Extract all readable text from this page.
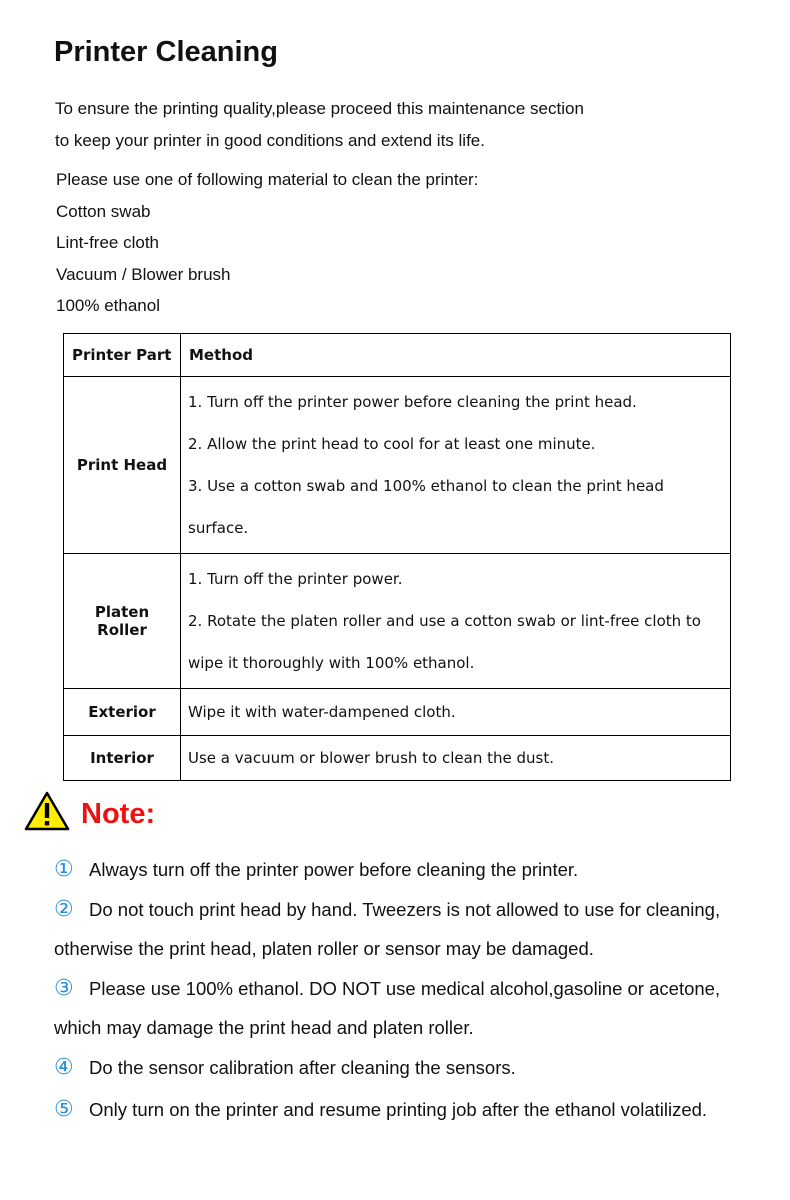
Printer Cleaning

To ensure the printing quality,please proceed this maintenance section

to keep your printer in good conditions and extend its life.

Please use one of following material to clean the printer:

Cotton swab

Lint-free cloth

Vacuum / Blower brush

100% ethanol

Printer Part	Method
Print Head	1. Turn off the printer power before cleaning the print head.
2. Allow the print head to cool for at least one minute.
3. Use a cotton swab and 100% ethanol to clean the print head
surface.

Platen Roller	1. Turn off the printer power.
2. Rotate the platen roller and use a cotton swab or lint-free cloth to
wipe it thoroughly with 100% ethanol.

Exterior	Wipe it with water-dampened cloth.

Interior	Use a vacuum or blower brush to clean the dust.
Note:

① Always turn off the printer power before cleaning the printer.

② Do not touch print head by hand. Tweezers is not allowed to use for cleaning,

otherwise the print head, platen roller or sensor may be damaged.

③ Please use 100% ethanol. DO NOT use medical alcohol,gasoline or acetone,

which may damage the print head and platen roller.

④ Do the sensor calibration after cleaning the sensors.

⑤ Only turn on the printer and resume printing job after the ethanol volatilized.
